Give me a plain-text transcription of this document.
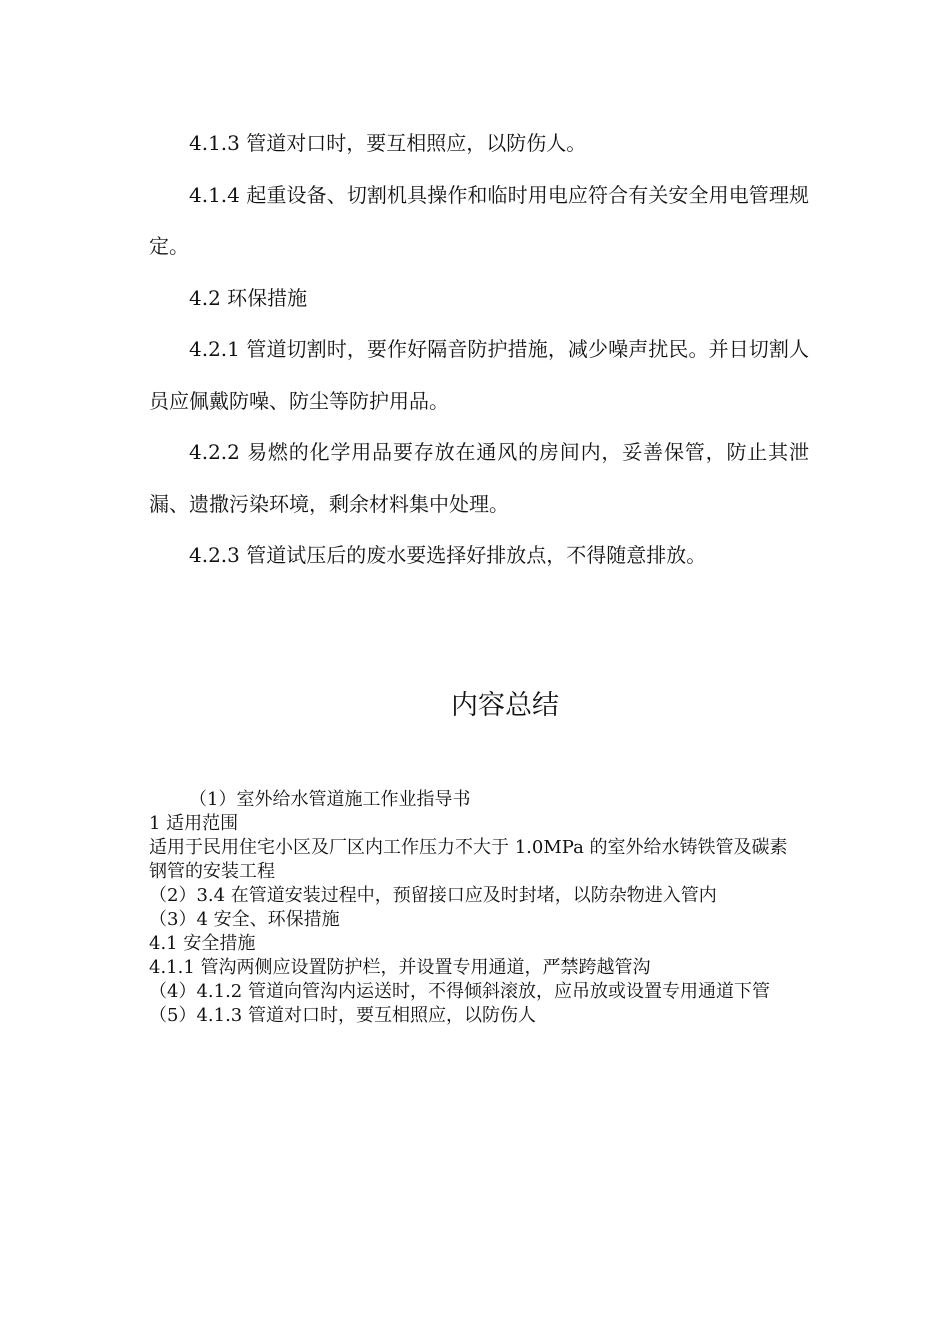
4.1.3 管道对口时，要互相照应，以防伤人。

4.1.4 起重设备、切割机具操作和临时用电应符合有关安全用电管理规定。

4.2 环保措施

4.2.1 管道切割时，要作好隔音防护措施，减少噪声扰民。并日切割人员应佩戴防噪、防尘等防护用品。

4.2.2 易燃的化学用品要存放在通风的房间内，妥善保管，防止其泄漏、遗撒污染环境，剩余材料集中处理。

4.2.3 管道试压后的废水要选择好排放点，不得随意排放。

内容总结

（1）室外给水管道施工作业指导书

1 适用范围

适用于民用住宅小区及厂区内工作压力不大于 1.0MPa 的室外给水铸铁管及碳素钢管的安装工程

（2）3.4 在管道安装过程中，预留接口应及时封堵，以防杂物进入管内

（3）4 安全、环保措施

4.1 安全措施

4.1.1 管沟两侧应设置防护栏，并设置专用通道，严禁跨越管沟

（4）4.1.2 管道向管沟内运送时，不得倾斜滚放，应吊放或设置专用通道下管

（5）4.1.3 管道对口时，要互相照应，以防伤人
